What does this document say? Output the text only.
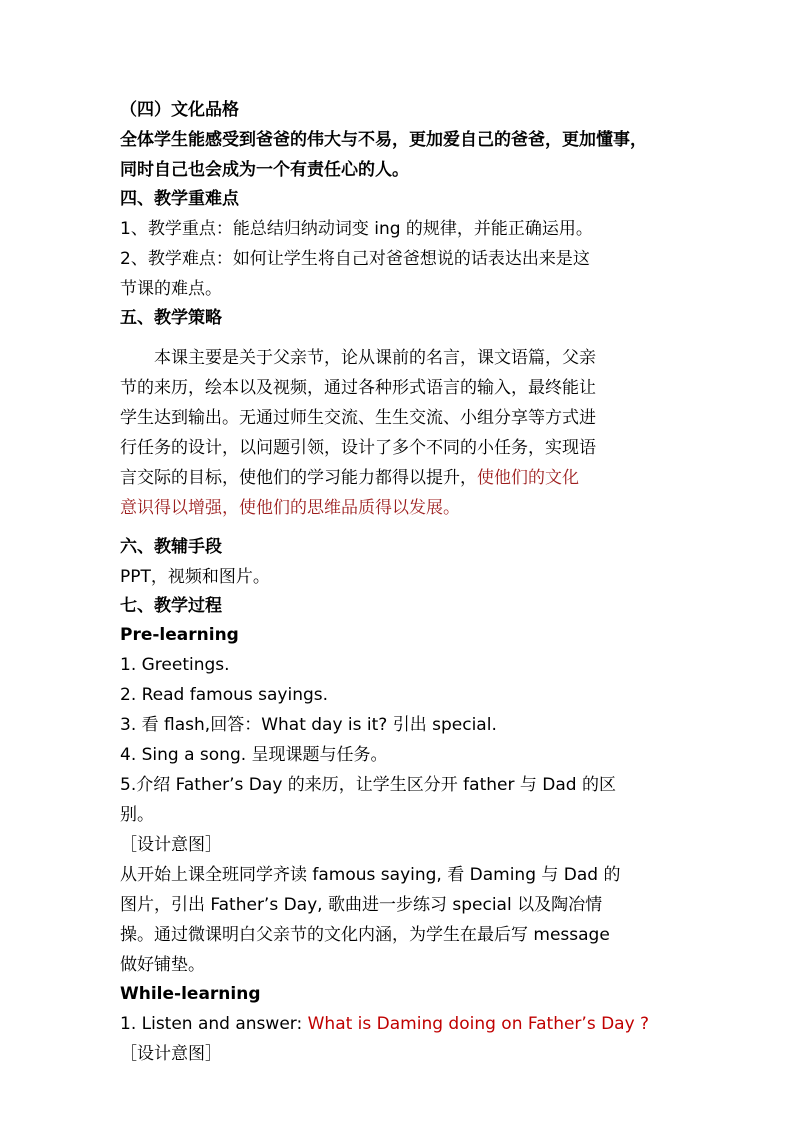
（四）文化品格
全体学生能感受到爸爸的伟大与不易，更加爱自己的爸爸，更加懂事，
同时自己也会成为一个有责任心的人。
四、教学重难点
1、教学重点：能总结归纳动词变 ing 的规律，并能正确运用。
2、教学难点：如何让学生将自己对爸爸想说的话表达出来是这
节课的难点。
五、教学策略
本课主要是关于父亲节，论从课前的名言，课文语篇，父亲
节的来历，绘本以及视频，通过各种形式语言的输入，最终能让
学生达到输出。无通过师生交流、生生交流、小组分享等方式进
行任务的设计，以问题引领，设计了多个不同的小任务，实现语
言交际的目标，使他们的学习能力都得以提升，使他们的文化
意识得以增强，使他们的思维品质得以发展。
六、教辅手段
PPT，视频和图片。
七、教学过程
Pre-learning
1. Greetings.
2. Read famous sayings.
3. 看 flash,回答：What day is it? 引出 special.
4. Sing a song. 呈现课题与任务。
5.介绍 Father’s Day 的来历，让学生区分开 father 与 Dad 的区
别。
［设计意图］
从开始上课全班同学齐读 famous saying, 看 Daming 与 Dad 的
图片，引出 Father’s Day, 歌曲进一步练习 special 以及陶冶情
操。通过微课明白父亲节的文化内涵，为学生在最后写 message
做好铺垫。
While-learning
1. Listen and answer: What is Daming doing on Father’s Day ?
［设计意图］
